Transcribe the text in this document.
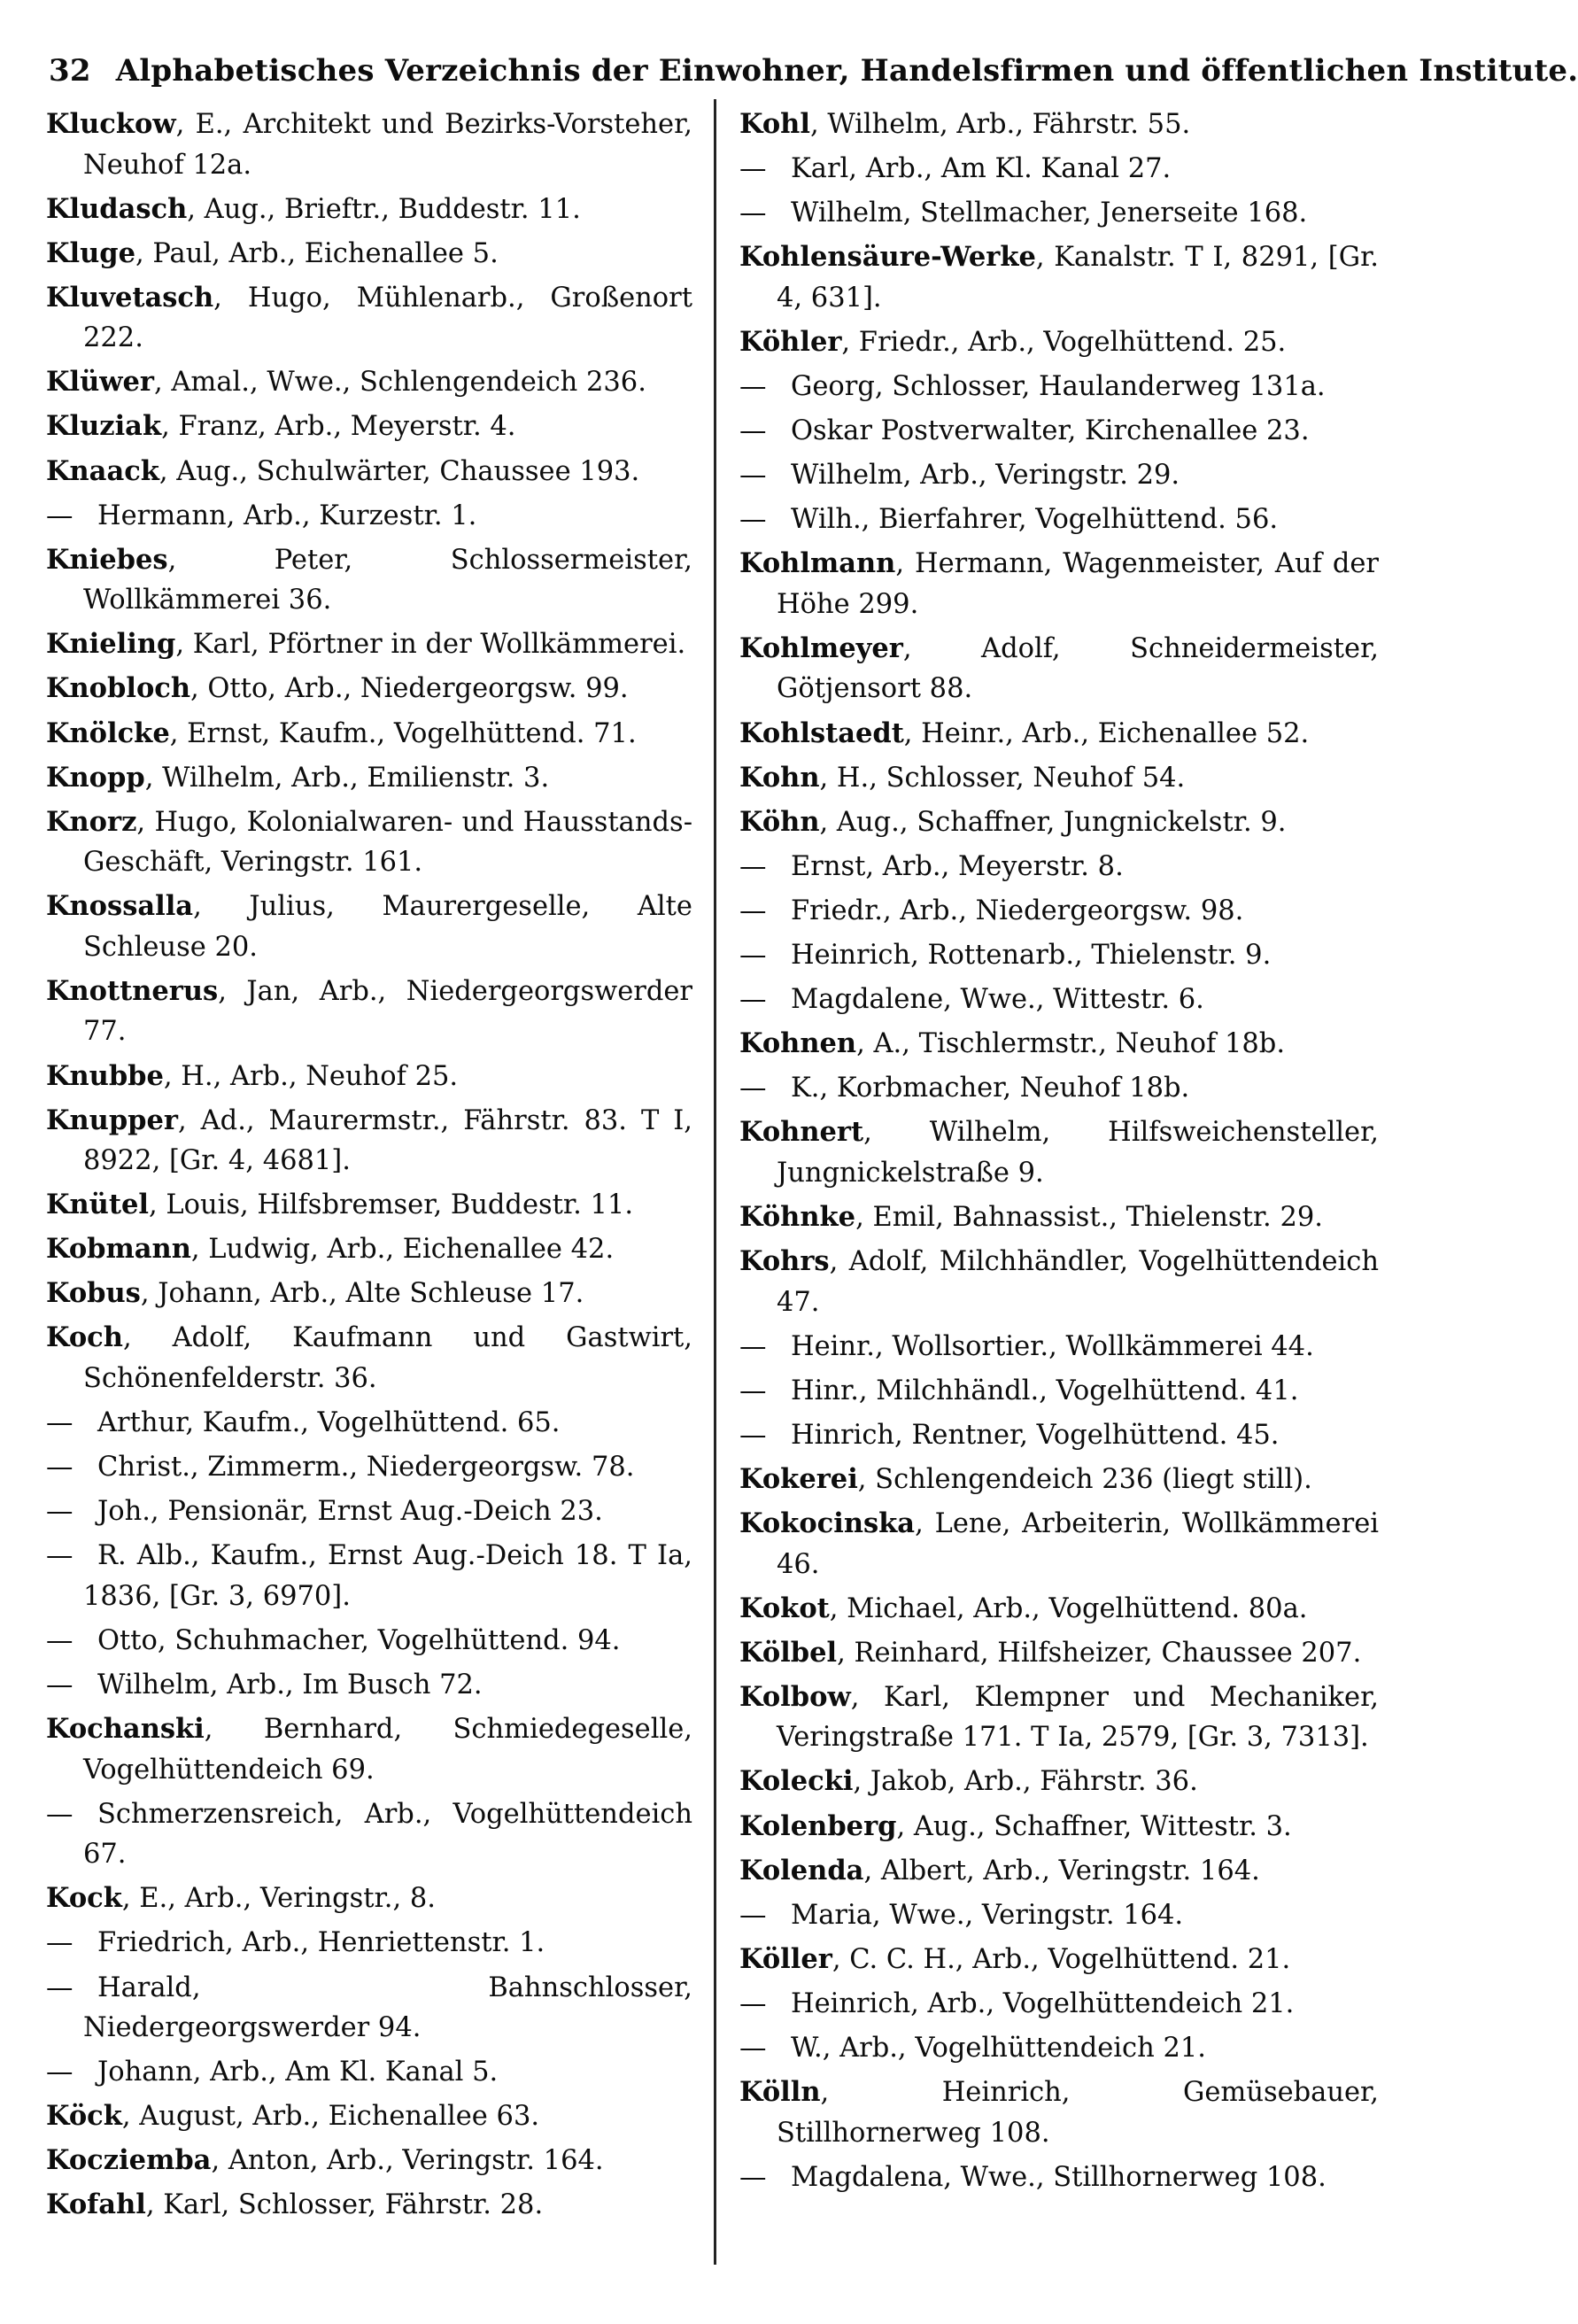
32 Alphabetisches Verzeichnis der Einwohner, Handelsfirmen und öffentlichen Institute.
Kluckow, E., Architekt und Bezirks-Vorsteher, Neuhof 12a.
Kludasch, Aug., Brieftr., Buddestr. 11.
Kluge, Paul, Arb., Eichenallee 5.
Kluvetasch, Hugo, Mühlenarb., Großenort 222.
Klüwer, Amal., Wwe., Schlengendeich 236.
Kluziak, Franz, Arb., Meyerstr. 4.
Knaack, Aug., Schulwärter, Chaussee 193.
— Hermann, Arb., Kurzestr. 1.
Kniebes, Peter, Schlossermeister, Wollkämmerei 36.
Knieling, Karl, Pförtner in der Wollkämmerei.
Knobloch, Otto, Arb., Niedergeorgsw. 99.
Knölcke, Ernst, Kaufm., Vogelhüttend. 71.
Knopp, Wilhelm, Arb., Emilienstr. 3.
Knorz, Hugo, Kolonialwaren- und Hausstands-Geschäft, Veringstr. 161.
Knossalla, Julius, Maurergeselle, Alte Schleuse 20.
Knottnerus, Jan, Arb., Niedergeorgswerder 77.
Knubbe, H., Arb., Neuhof 25.
Knupper, Ad., Maurermstr., Fährstr. 83. T I, 8922, [Gr. 4, 4681].
Knütel, Louis, Hilfsbremser, Buddestr. 11.
Kobmann, Ludwig, Arb., Eichenallee 42.
Kobus, Johann, Arb., Alte Schleuse 17.
Koch, Adolf, Kaufmann und Gastwirt, Schönenfelderstr. 36.
— Arthur, Kaufm., Vogelhüttend. 65.
— Christ., Zimmerm., Niedergeorgsw. 78.
— Joh., Pensionär, Ernst Aug.-Deich 23.
— R. Alb., Kaufm., Ernst Aug.-Deich 18. T Ia, 1836, [Gr. 3, 6970].
— Otto, Schuhmacher, Vogelhüttend. 94.
— Wilhelm, Arb., Im Busch 72.
Kochanski, Bernhard, Schmiedegeselle, Vogelhüttendeich 69.
— Schmerzensreich, Arb., Vogelhüttendeich 67.
Kock, E., Arb., Veringstr., 8.
— Friedrich, Arb., Henriettenstr. 1.
— Harald, Bahnschlosser, Niedergeorgswerder 94.
— Johann, Arb., Am Kl. Kanal 5.
Köck, August, Arb., Eichenallee 63.
Kocziemba, Anton, Arb., Veringstr. 164.
Kofahl, Karl, Schlosser, Fährstr. 28.
Kohl, Wilhelm, Arb., Fährstr. 55.
— Karl, Arb., Am Kl. Kanal 27.
— Wilhelm, Stellmacher, Jenerseite 168.
Kohlensäure-Werke, Kanalstr. T I, 8291, [Gr. 4, 631].
Köhler, Friedr., Arb., Vogelhüttend. 25.
— Georg, Schlosser, Haulanderweg 131a.
— Oskar Postverwalter, Kirchenallee 23.
— Wilhelm, Arb., Veringstr. 29.
— Wilh., Bierfahrer, Vogelhüttend. 56.
Kohlmann, Hermann, Wagenmeister, Auf der Höhe 299.
Kohlmeyer, Adolf, Schneidermeister, Götjensort 88.
Kohlstaedt, Heinr., Arb., Eichenallee 52.
Kohn, H., Schlosser, Neuhof 54.
Köhn, Aug., Schaffner, Jungnickelstr. 9.
— Ernst, Arb., Meyerstr. 8.
— Friedr., Arb., Niedergeorgsw. 98.
— Heinrich, Rottenarb., Thielenstr. 9.
— Magdalene, Wwe., Wittestr. 6.
Kohnen, A., Tischlermstr., Neuhof 18b.
— K., Korbmacher, Neuhof 18b.
Kohnert, Wilhelm, Hilfsweichensteller, Jungnickelstraße 9.
Köhnke, Emil, Bahnassist., Thielenstr. 29.
Kohrs, Adolf, Milchhändler, Vogelhüttendeich 47.
— Heinr., Wollsortier., Wollkämmerei 44.
— Hinr., Milchhändl., Vogelhüttend. 41.
— Hinrich, Rentner, Vogelhüttend. 45.
Kokerei, Schlengendeich 236 (liegt still).
Kokocinska, Lene, Arbeiterin, Wollkämmerei 46.
Kokot, Michael, Arb., Vogelhüttend. 80a.
Kölbel, Reinhard, Hilfsheizer, Chaussee 207.
Kolbow, Karl, Klempner und Mechaniker, Veringstraße 171. T Ia, 2579, [Gr. 3, 7313].
Kolecki, Jakob, Arb., Fährstr. 36.
Kolenberg, Aug., Schaffner, Wittestr. 3.
Kolenda, Albert, Arb., Veringstr. 164.
— Maria, Wwe., Veringstr. 164.
Köller, C. C. H., Arb., Vogelhüttend. 21.
— Heinrich, Arb., Vogelhüttendeich 21.
— W., Arb., Vogelhüttendeich 21.
Kölln, Heinrich, Gemüsebauer, Stillhornerweg 108.
— Magdalena, Wwe., Stillhornerweg 108.
